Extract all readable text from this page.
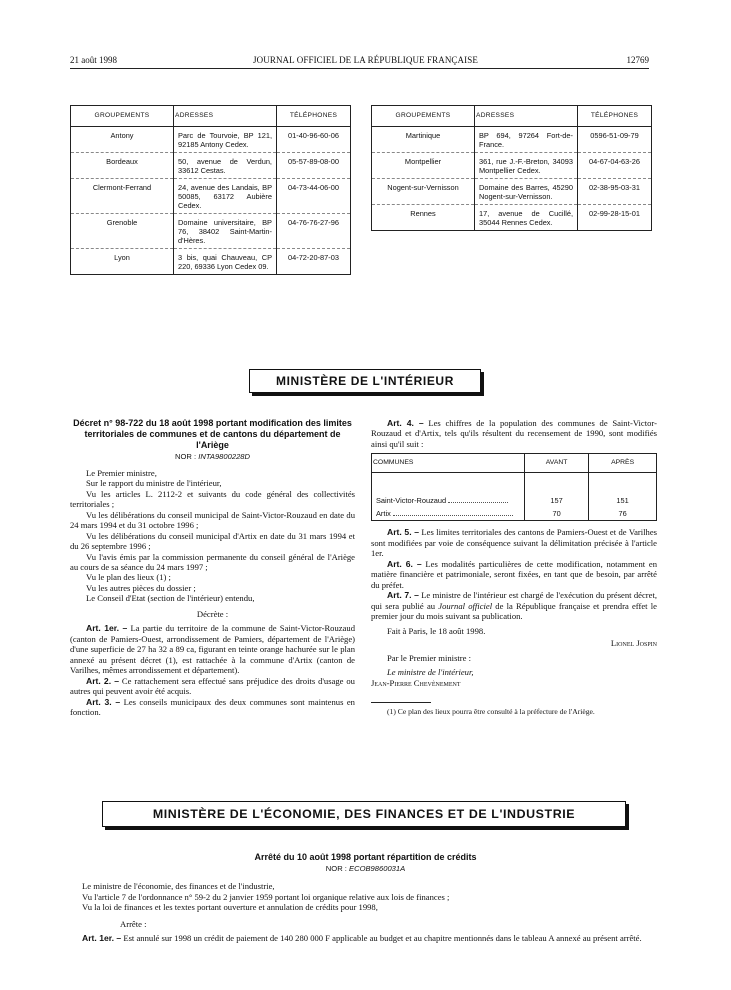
21 août 1998	JOURNAL OFFICIEL DE LA RÉPUBLIQUE FRANÇAISE	12769
GROUPEMENTS	ADRESSES	TÉLÉPHONES
Antony	Parc de Tourvoie, BP 121, 92185 Antony Cedex.	01-40-96-60-06
Bordeaux	50, avenue de Verdun, 33612 Cestas.	05-57-89-08-00
Clermont-Ferrand	24, avenue des Landais, BP 50085, 63172 Aubière Cedex.	04-73-44-06-00
Grenoble	Domaine universitaire, BP 76, 38402 Saint-Martin-d'Hères.	04-76-76-27-96
Lyon	3 bis, quai Chauveau, CP 220, 69336 Lyon Cedex 09.	04-72-20-87-03
GROUPEMENTS	ADRESSES	TÉLÉPHONES
Martinique	BP 694, 97264 Fort-de-France.	0596-51-09-79
Montpellier	361, rue J.-F.-Breton, 34093 Montpellier Cedex.	04-67-04-63-26
Nogent-sur-Vernisson	Domaine des Barres, 45290 Nogent-sur-Vernisson.	02-38-95-03-31
Rennes	17, avenue de Cucillé, 35044 Rennes Cedex.	02-99-28-15-01
MINISTÈRE DE L'INTÉRIEUR
Décret n° 98-722 du 18 août 1998 portant modification des limites territoriales de communes et de cantons du département de l'Ariège
NOR : INTA9800228D

Le Premier ministre,

Sur le rapport du ministre de l'intérieur,

Vu les articles L. 2112-2 et suivants du code général des collectivités territoriales ;

Vu les délibérations du conseil municipal de Saint-Victor-Rouzaud en date du 24 mars 1994 et du 31 octobre 1996 ;

Vu les délibérations du conseil municipal d'Artix en date du 31 mars 1994 et du 26 septembre 1996 ;

Vu l'avis émis par la commission permanente du conseil général de l'Ariège au cours de sa séance du 24 mars 1997 ;

Vu le plan des lieux (1) ;

Vu les autres pièces du dossier ;

Le Conseil d'Etat (section de l'intérieur) entendu,

Décrète :

Art. 1er. – La partie du territoire de la commune de Saint-Victor-Rouzaud (canton de Pamiers-Ouest, arrondissement de Pamiers, département de l'Ariège) d'une superficie de 27 ha 32 a 89 ca, figurant en teinte orange hachurée sur le plan annexé au présent décret (1), est rattachée à la commune d'Artix (canton de Varilhes, mêmes arrondissement et département).

Art. 2. – Ce rattachement sera effectué sans préjudice des droits d'usage ou autres qui peuvent avoir été acquis.

Art. 3. – Les conseils municipaux des deux communes sont maintenus en fonction.

Art. 4. – Les chiffres de la population des communes de Saint-Victor-Rouzaud et d'Artix, tels qu'ils résultent du recensement de 1990, sont modifiés ainsi qu'il suit :

COMMUNES	AVANT	APRÈS
Saint-Victor-Rouzaud	157	151
Artix	70	76

Art. 5. – Les limites territoriales des cantons de Pamiers-Ouest et de Varilhes sont modifiées par voie de conséquence suivant la délimitation précisée à l'article 1er.

Art. 6. – Les modalités particulières de cette modification, notamment en matière financière et patrimoniale, seront fixées, en tant que de besoin, par arrêté du préfet.

Art. 7. – Le ministre de l'intérieur est chargé de l'exécution du présent décret, qui sera publié au Journal officiel de la République française et prendra effet le premier jour du mois suivant sa publication.

Fait à Paris, le 18 août 1998.

Lionel Jospin

Par le Premier ministre :

Le ministre de l'intérieur,

Jean-Pierre Chevènement

(1) Ce plan des lieux pourra être consulté à la préfecture de l'Ariège.

MINISTÈRE DE L'ÉCONOMIE, DES FINANCES ET DE L'INDUSTRIE
Arrêté du 10 août 1998 portant répartition de crédits
NOR : ECOB9860031A

Le ministre de l'économie, des finances et de l'industrie,

Vu l'article 7 de l'ordonnance n° 59-2 du 2 janvier 1959 portant loi organique relative aux lois de finances ;

Vu la loi de finances et les textes portant ouverture et annulation de crédits pour 1998,

Arrête :

Art. 1er. – Est annulé sur 1998 un crédit de paiement de 140 280 000 F applicable au budget et au chapitre mentionnés dans le tableau A annexé au présent arrêté.
